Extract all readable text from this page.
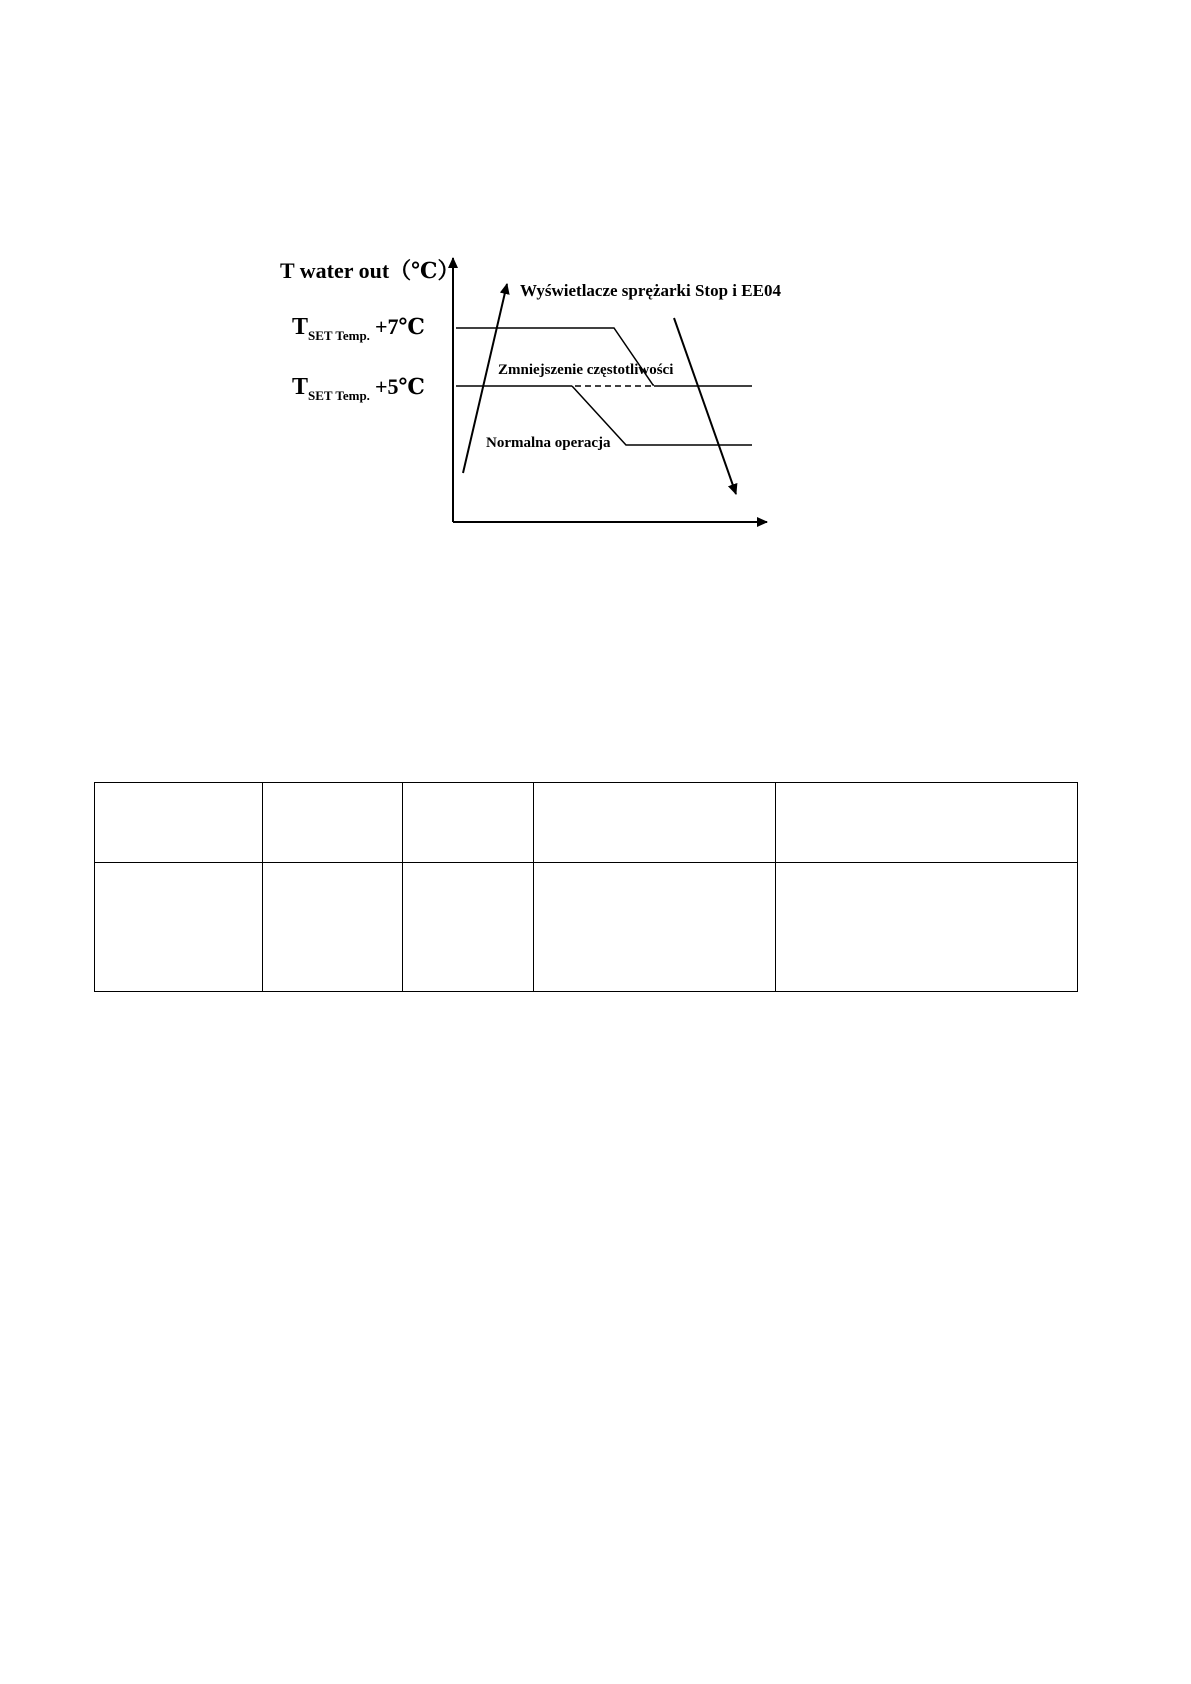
T water out（℃）
$T_{SET Temp.}$ +7℃
$T_{SET Temp.}$ +5℃
Wyświetlacze sprężarki Stop i EE04
Zmniejszenie częstotliwości
Normalna operacja
